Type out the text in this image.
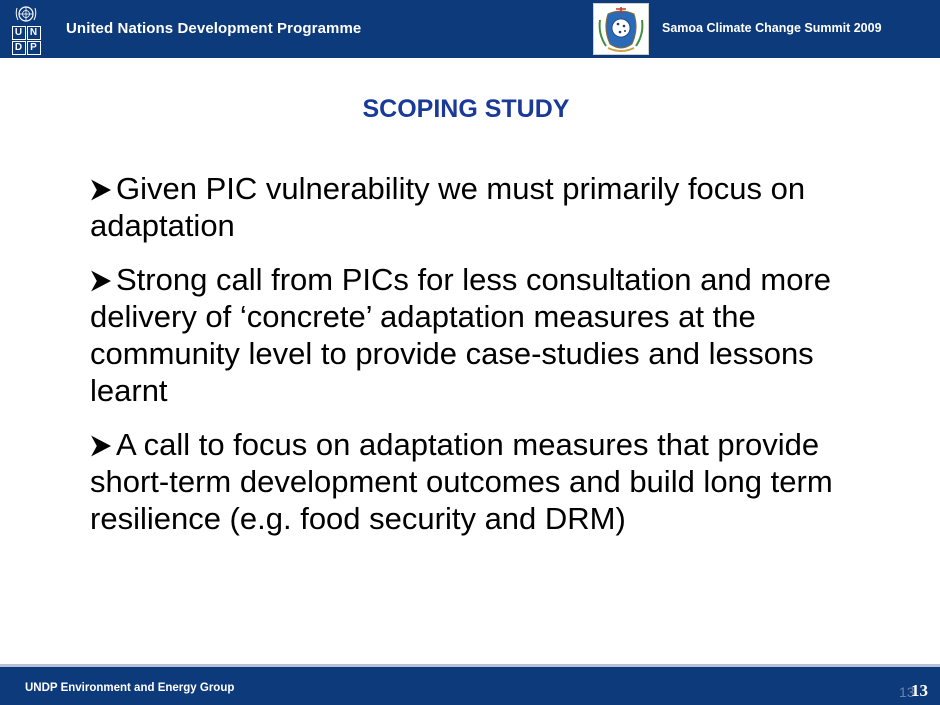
U N
D P
United Nations Development Programme	Samoa Climate Change Summit 2009
SCOPING STUDY
Given PIC vulnerability we must primarily focus on adaptation
Strong call from PICs for less consultation and more delivery of ‘concrete’ adaptation measures at the community level to provide case-studies and lessons learnt
A call to focus on adaptation measures that provide short-term development outcomes and build long term resilience (e.g. food security and DRM)
UNDP Environment and Energy Group	13
13
